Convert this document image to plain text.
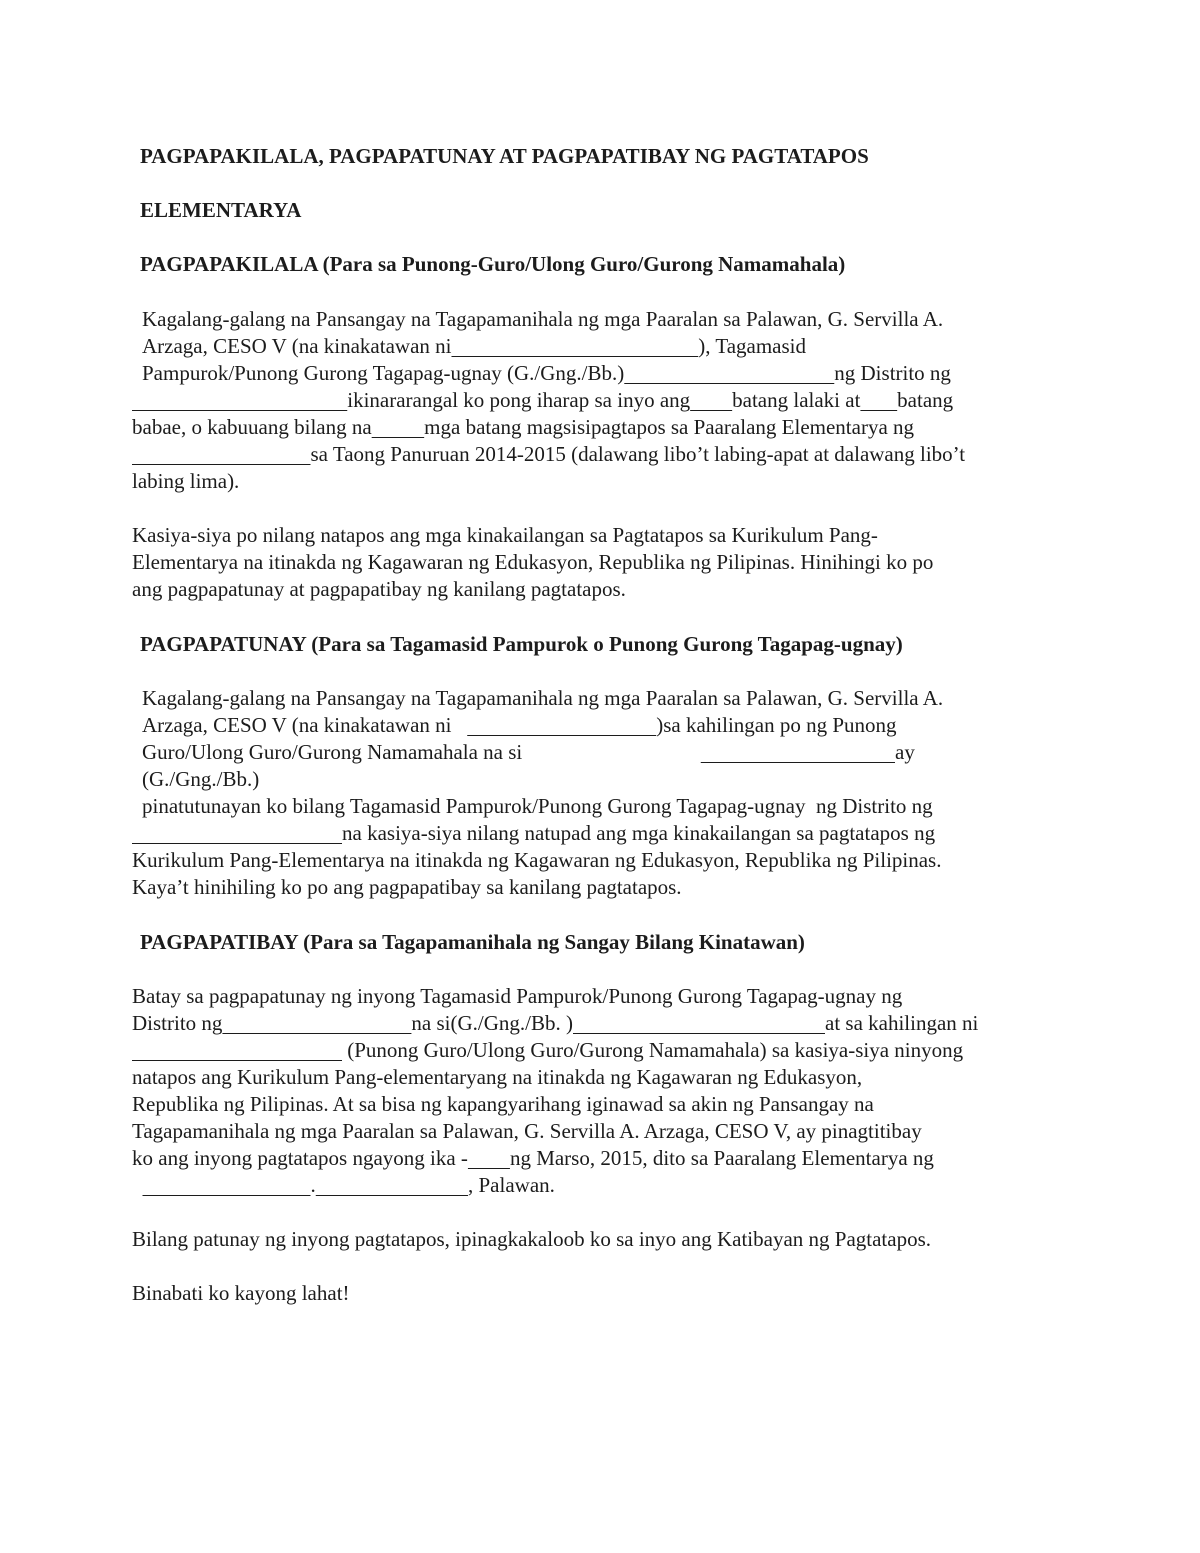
PAGPAPAKILALA, PAGPAPATUNAY AT PAGPAPATIBAY NG PAGTATAPOS

ELEMENTARYA

PAGPAPAKILALA (Para sa Punong-Guro/Ulong Guro/Gurong Namamahala)

Kagalang-galang na Pansangay na Tagapamanihala ng mga Paaralan sa Palawan, G. Servilla A.

Arzaga, CESO V (na kinakatawan ni	), Tagamasid

Pampurok/Punong Gurong Tagapag-ugnay (G./Gng./Bb.)	ng Distrito ng

ikinararangal ko pong iharap sa inyo ang batang lalaki at batang

babae, o kabuuang bilang na	mga batang magsisipagtapos sa Paaralang Elementarya ng

sa Taong Panuruan 2014-2015 (dalawang libo’t labing-apat at dalawang libo’t

labing lima).

Kasiya-siya po nilang natapos ang mga kinakailangan sa Pagtatapos sa Kurikulum Pang-

Elementarya na itinakda ng Kagawaran ng Edukasyon, Republika ng Pilipinas. Hinihingi ko po

ang pagpapatunay at pagpapatibay ng kanilang pagtatapos.

PAGPAPATUNAY (Para sa Tagamasid Pampurok o Punong Gurong Tagapag-ugnay)

Kagalang-galang na Pansangay na Tagapamanihala ng mga Paaralan sa Palawan, G. Servilla A.

Arzaga, CESO V (na kinakatawan ni	)sa kahilingan po ng Punong

Guro/Ulong Guro/Gurong Namamahala na si	ay

(G./Gng./Bb.)

pinatutunayan ko bilang Tagamasid Pampurok/Punong Gurong Tagapag-ugnay  ng Distrito ng

na kasiya-siya nilang natupad ang mga kinakailangan sa pagtatapos ng

Kurikulum Pang-Elementarya na itinakda ng Kagawaran ng Edukasyon, Republika ng Pilipinas.

Kaya’t hinihiling ko po ang pagpapatibay sa kanilang pagtatapos.

PAGPAPATIBAY (Para sa Tagapamanihala ng Sangay Bilang Kinatawan)

Batay sa pagpapatunay ng inyong Tagamasid Pampurok/Punong Gurong Tagapag-ugnay ng

Distrito ng	na si(G./Gng./Bb. )	at sa kahilingan ni

(Punong Guro/Ulong Guro/Gurong Namamahala) sa kasiya-siya ninyong

natapos ang Kurikulum Pang-elementaryang na itinakda ng Kagawaran ng Edukasyon,

Republika ng Pilipinas. At sa bisa ng kapangyarihang iginawad sa akin ng Pansangay na

Tagapamanihala ng mga Paaralan sa Palawan, G. Servilla A. Arzaga, CESO V, ay pinagtitibay

ko ang inyong pagtatapos ngayong ika - ng Marso, 2015, dito sa Paaralang Elementarya ng

.	, Palawan.

Bilang patunay ng inyong pagtatapos, ipinagkakaloob ko sa inyo ang Katibayan ng Pagtatapos.

Binabati ko kayong lahat!
